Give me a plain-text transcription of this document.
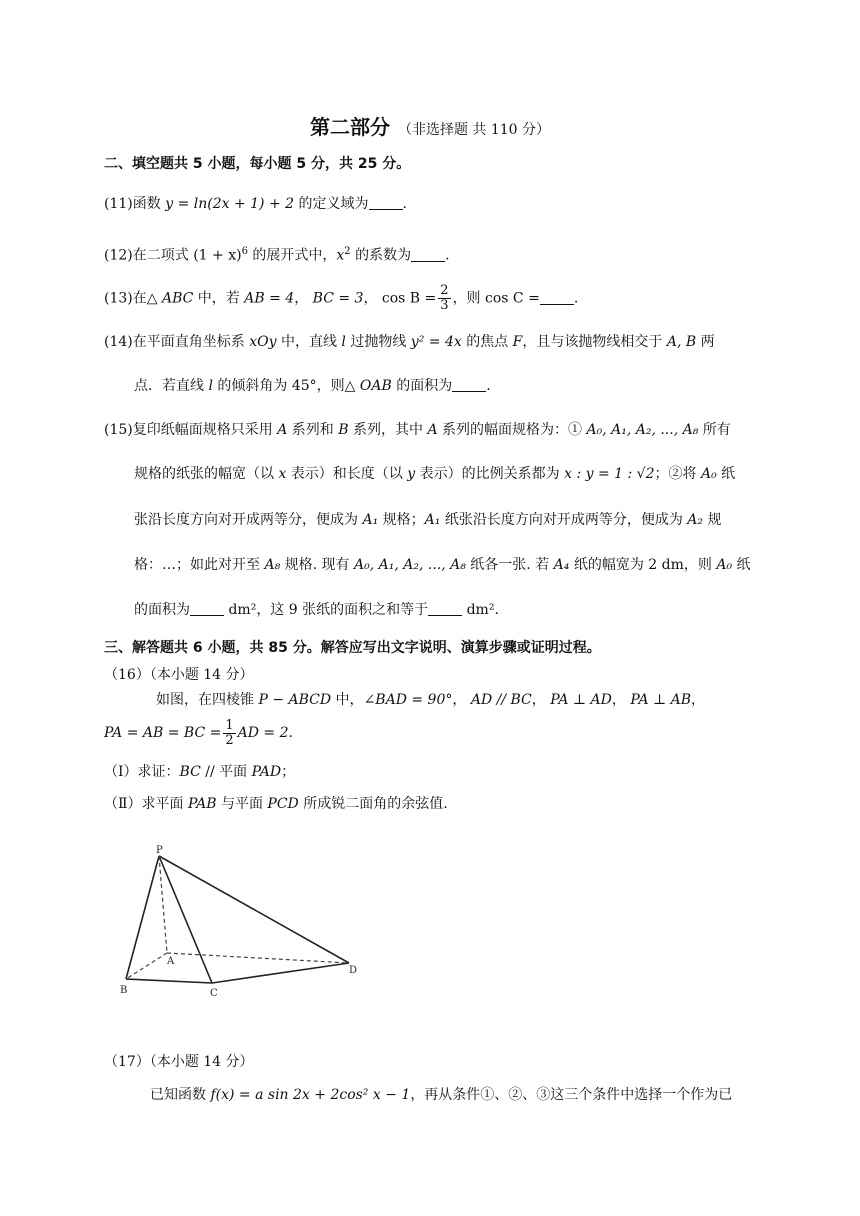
第二部分 （非选择题 共 110 分）
二、填空题共 5 小题，每小题 5 分，共 25 分。
(11)函数 y = ln(2x + 1) + 2 的定义域为 .
(12)在二项式 $(1 + x)^6$ 的展开式中，$x^2$ 的系数为 .
(13)在△ ABC 中，若 AB = 4， BC = 3， $\cos B = \frac{2}{3}$ ，则 cos C = .
(14)在平面直角坐标系 xOy 中，直线 l 过抛物线 y² = 4x 的焦点 F，且与该抛物线相交于 A, B 两
点．若直线 l 的倾斜角为 45°，则△ OAB 的面积为 .
(15)复印纸幅面规格只采用 A 系列和 B 系列，其中 A 系列的幅面规格为：① A₀, A₁, A₂, ..., A₈ 所有
规格的纸张的幅宽（以 x 表示）和长度（以 y 表示）的比例关系都为 x : y = 1 : √2；②将 A₀ 纸
张沿长度方向对开成两等分，便成为 A₁ 规格；A₁ 纸张沿长度方向对开成两等分，便成为 A₂ 规
格：…；如此对开至 A₈ 规格. 现有 A₀, A₁, A₂, ..., A₈ 纸各一张. 若 A₄ 纸的幅宽为 2 dm，则 A₀ 纸
的面积为 dm²，这 9 张纸的面积之和等于 dm².
三、解答题共 6 小题，共 85 分。解答应写出文字说明、演算步骤或证明过程。
（16）（本小题 14 分）
如图，在四棱锥 P − ABCD 中，∠BAD = 90°， AD // BC， PA ⊥ AD， PA ⊥ AB，
PA = AB = BC = $\frac{1}{2}$ AD = 2.
（Ⅰ）求证：BC // 平面 PAD；
（Ⅱ）求平面 PAB 与平面 PCD 所成锐二面角的余弦值.
P
A
B	C
D
（17）（本小题 14 分）
已知函数 f(x) = a sin 2x + 2cos² x − 1，再从条件①、②、③这三个条件中选择一个作为已
